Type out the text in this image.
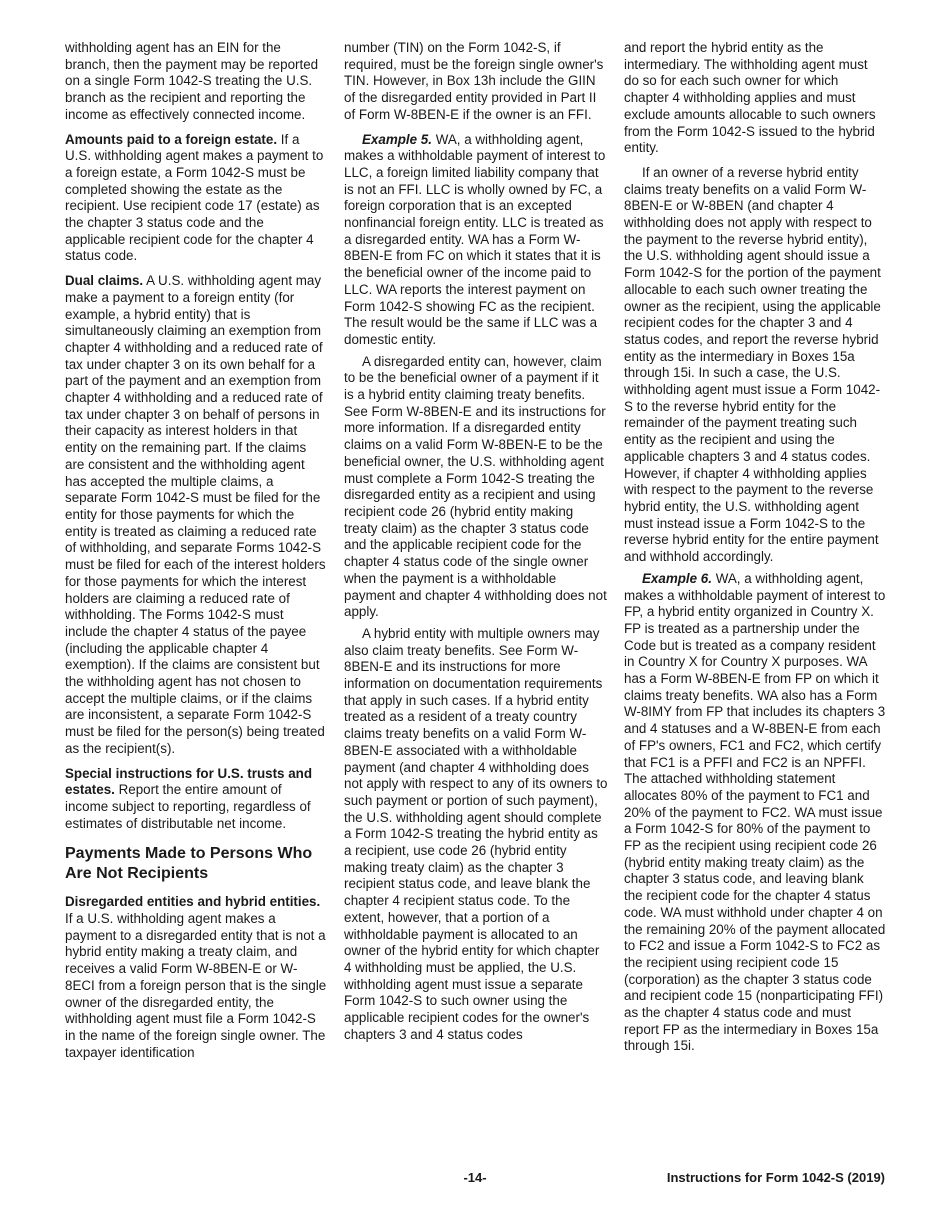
withholding agent has an EIN for the branch, then the payment may be reported on a single Form 1042-S treating the U.S. branch as the recipient and reporting the income as effectively connected income.

Amounts paid to a foreign estate. If a U.S. withholding agent makes a payment to a foreign estate, a Form 1042-S must be completed showing the estate as the recipient. Use recipient code 17 (estate) as the chapter 3 status code and the applicable recipient code for the chapter 4 status code.

Dual claims. A U.S. withholding agent may make a payment to a foreign entity (for example, a hybrid entity) that is simultaneously claiming an exemption from chapter 4 withholding and a reduced rate of tax under chapter 3 on its own behalf for a part of the payment and an exemption from chapter 4 withholding and a reduced rate of tax under chapter 3 on behalf of persons in their capacity as interest holders in that entity on the remaining part. If the claims are consistent and the withholding agent has accepted the multiple claims, a separate Form 1042-S must be filed for the entity for those payments for which the entity is treated as claiming a reduced rate of withholding, and separate Forms 1042-S must be filed for each of the interest holders for those payments for which the interest holders are claiming a reduced rate of withholding. The Forms 1042-S must include the chapter 4 status of the payee (including the applicable chapter 4 exemption). If the claims are consistent but the withholding agent has not chosen to accept the multiple claims, or if the claims are inconsistent, a separate Form 1042-S must be filed for the person(s) being treated as the recipient(s).

Special instructions for U.S. trusts and estates. Report the entire amount of income subject to reporting, regardless of estimates of distributable net income.

Payments Made to Persons Who Are Not Recipients

Disregarded entities and hybrid entities. If a U.S. withholding agent makes a payment to a disregarded entity that is not a hybrid entity making a treaty claim, and receives a valid Form W-8BEN-E or W-8ECI from a foreign person that is the single owner of the disregarded entity, the withholding agent must file a Form 1042-S in the name of the foreign single owner. The taxpayer identification

number (TIN) on the Form 1042-S, if required, must be the foreign single owner's TIN. However, in Box 13h include the GIIN of the disregarded entity provided in Part II of Form W-8BEN-E if the owner is an FFI.

Example 5. WA, a withholding agent, makes a withholdable payment of interest to LLC, a foreign limited liability company that is not an FFI. LLC is wholly owned by FC, a foreign corporation that is an excepted nonfinancial foreign entity. LLC is treated as a disregarded entity. WA has a Form W-8BEN-E from FC on which it states that it is the beneficial owner of the income paid to LLC. WA reports the interest payment on Form 1042-S showing FC as the recipient. The result would be the same if LLC was a domestic entity.

A disregarded entity can, however, claim to be the beneficial owner of a payment if it is a hybrid entity claiming treaty benefits. See Form W-8BEN-E and its instructions for more information. If a disregarded entity claims on a valid Form W-8BEN-E to be the beneficial owner, the U.S. withholding agent must complete a Form 1042-S treating the disregarded entity as a recipient and using recipient code 26 (hybrid entity making treaty claim) as the chapter 3 status code and the applicable recipient code for the chapter 4 status code of the single owner when the payment is a withholdable payment and chapter 4 withholding does not apply.

A hybrid entity with multiple owners may also claim treaty benefits. See Form W-8BEN-E and its instructions for more information on documentation requirements that apply in such cases. If a hybrid entity treated as a resident of a treaty country claims treaty benefits on a valid Form W-8BEN-E associated with a withholdable payment (and chapter 4 withholding does not apply with respect to any of its owners to such payment or portion of such payment), the U.S. withholding agent should complete a Form 1042-S treating the hybrid entity as a recipient, use code 26 (hybrid entity making treaty claim) as the chapter 3 recipient status code, and leave blank the chapter 4 recipient status code. To the extent, however, that a portion of a withholdable payment is allocated to an owner of the hybrid entity for which chapter 4 withholding must be applied, the U.S. withholding agent must issue a separate Form 1042-S to such owner using the applicable recipient codes for the owner's chapters 3 and 4 status codes

and report the hybrid entity as the intermediary. The withholding agent must do so for each such owner for which chapter 4 withholding applies and must exclude amounts allocable to such owners from the Form 1042-S issued to the hybrid entity.

If an owner of a reverse hybrid entity claims treaty benefits on a valid Form W-8BEN-E or W-8BEN (and chapter 4 withholding does not apply with respect to the payment to the reverse hybrid entity), the U.S. withholding agent should issue a Form 1042-S for the portion of the payment allocable to each such owner treating the owner as the recipient, using the applicable recipient codes for the chapter 3 and 4 status codes, and report the reverse hybrid entity as the intermediary in Boxes 15a through 15i. In such a case, the U.S. withholding agent must issue a Form 1042-S to the reverse hybrid entity for the remainder of the payment treating such entity as the recipient and using the applicable chapters 3 and 4 status codes. However, if chapter 4 withholding applies with respect to the payment to the reverse hybrid entity, the U.S. withholding agent must instead issue a Form 1042-S to the reverse hybrid entity for the entire payment and withhold accordingly.

Example 6. WA, a withholding agent, makes a withholdable payment of interest to FP, a hybrid entity organized in Country X. FP is treated as a partnership under the Code but is treated as a company resident in Country X for Country X purposes. WA has a Form W-8BEN-E from FP on which it claims treaty benefits. WA also has a Form W-8IMY from FP that includes its chapters 3 and 4 statuses and a W-8BEN-E from each of FP's owners, FC1 and FC2, which certify that FC1 is a PFFI and FC2 is an NPFFI. The attached withholding statement allocates 80% of the payment to FC1 and 20% of the payment to FC2. WA must issue a Form 1042-S for 80% of the payment to FP as the recipient using recipient code 26 (hybrid entity making treaty claim) as the chapter 3 status code, and leaving blank the recipient code for the chapter 4 status code. WA must withhold under chapter 4 on the remaining 20% of the payment allocated to FC2 and issue a Form 1042-S to FC2 as the recipient using recipient code 15 (corporation) as the chapter 3 status code and recipient code 15 (nonparticipating FFI) as the chapter 4 status code and must report FP as the intermediary in Boxes 15a through 15i.

-14-	Instructions for Form 1042-S (2019)
